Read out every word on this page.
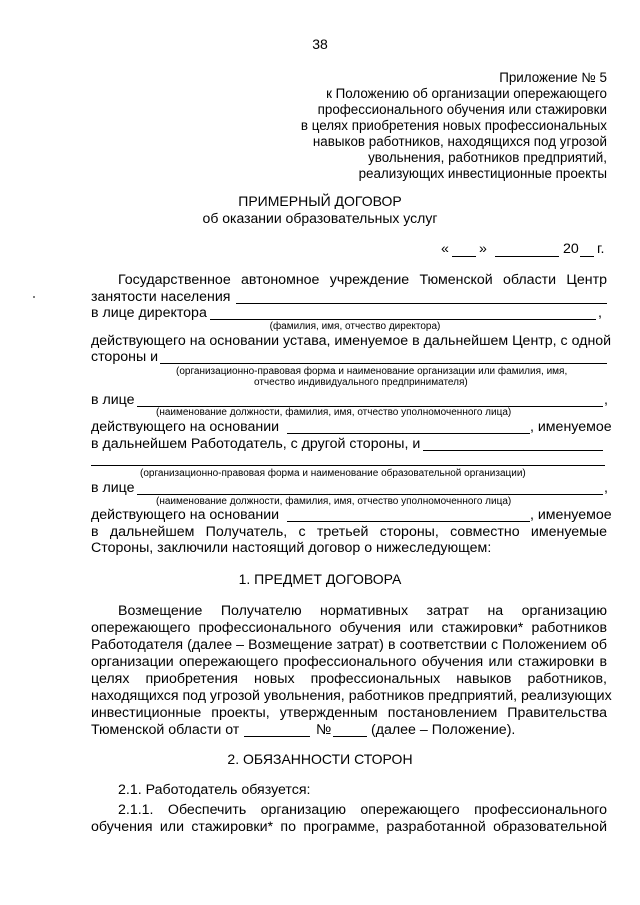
38
Приложение № 5
к Положению об организации опережающего
профессионального обучения или стажировки
в целях приобретения новых профессиональных
навыков работников, находящихся под угрозой
увольнения, работников предприятий,
реализующих инвестиционные проекты
ПРИМЕРНЫЙ ДОГОВОР
об оказании образовательных услуг
« »	20 г.
Государственное автономное учреждение Тюменской области Центр
занятости населения
в лице директора	,
(фамилия, имя, отчество директора)
действующего на основании устава, именуемое в дальнейшем Центр, с одной
стороны и
(организационно-правовая форма и наименование организации или фамилия, имя,
отчество индивидуального предпринимателя)
в лице	,
(наименование должности, фамилия, имя, отчество уполномоченного лица)
действующего на основании	, именуемое
в дальнейшем Работодатель, с другой стороны, и
(организационно-правовая форма и наименование образовательной организации)
в лице	,
(наименование должности, фамилия, имя, отчество уполномоченного лица)
действующего на основании	, именуемое
в дальнейшем Получатель, с третьей стороны, совместно именуемые
Стороны, заключили настоящий договор о нижеследующем:
1. ПРЕДМЕТ ДОГОВОРА
Возмещение Получателю нормативных затрат на организацию
опережающего профессионального обучения или стажировки* работников
Работодателя (далее – Возмещение затрат) в соответствии с Положением об
организации опережающего профессионального обучения или стажировки в
целях приобретения новых профессиональных навыков работников,
находящихся под угрозой увольнения, работников предприятий, реализующих
инвестиционные проекты, утвержденным постановлением Правительства
Тюменской области от	№	(далее – Положение).
2. ОБЯЗАННОСТИ СТОРОН
2.1. Работодатель обязуется:
2.1.1. Обеспечить организацию опережающего профессионального
обучения или стажировки* по программе, разработанной образовательной
